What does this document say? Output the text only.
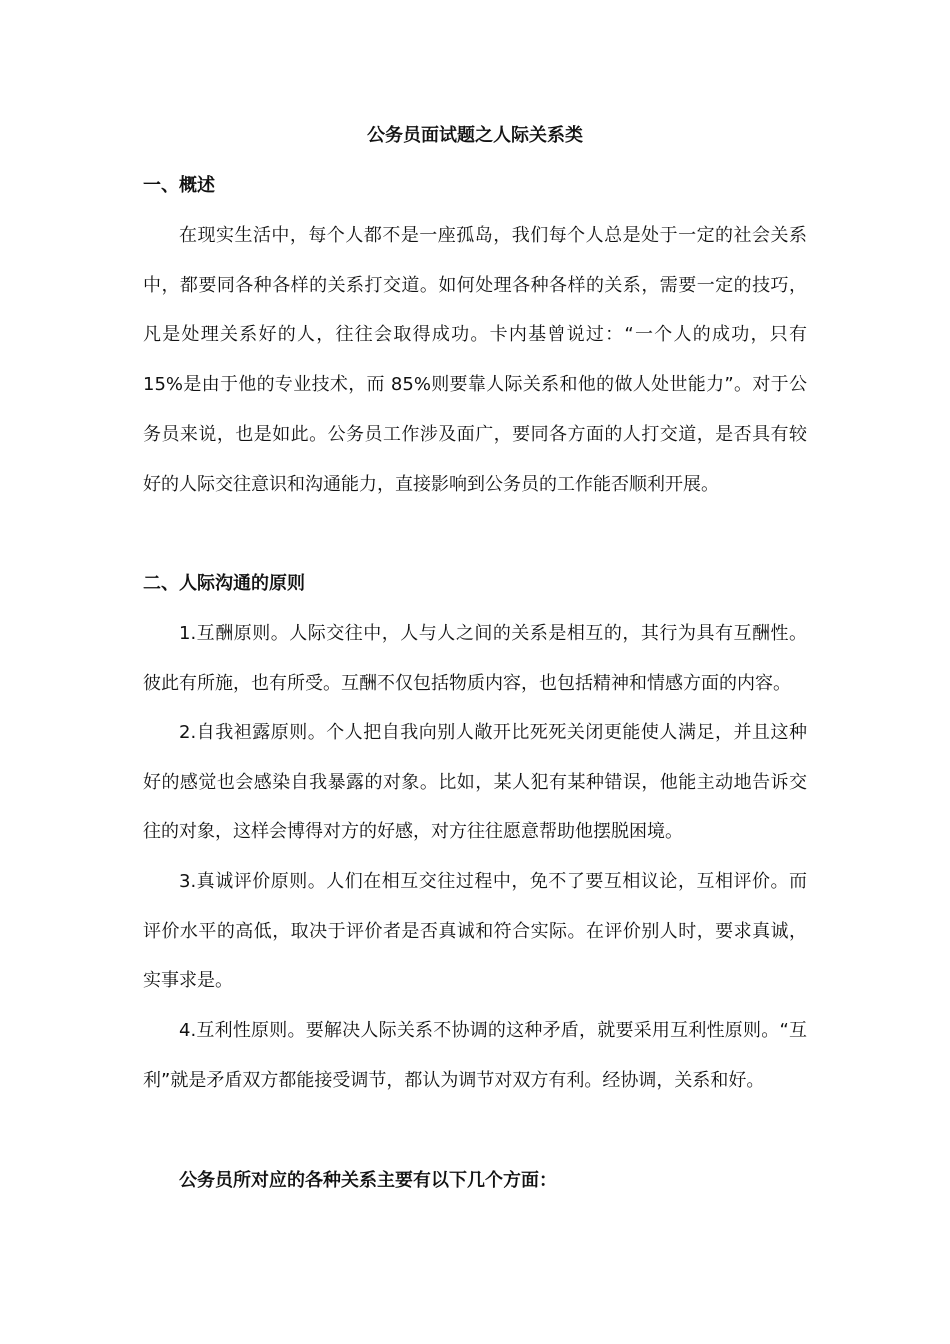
公务员面试题之人际关系类
一、概述

在现实生活中，每个人都不是一座孤岛，我们每个人总是处于一定的社会关系中，都要同各种各样的关系打交道。如何处理各种各样的关系，需要一定的技巧，凡是处理关系好的人，往往会取得成功。卡内基曾说过：“一个人的成功，只有 15%是由于他的专业技术，而 85%则要靠人际关系和他的做人处世能力”。对于公务员来说，也是如此。公务员工作涉及面广，要同各方面的人打交道，是否具有较好的人际交往意识和沟通能力，直接影响到公务员的工作能否顺利开展。

二、人际沟通的原则

1.互酬原则。人际交往中，人与人之间的关系是相互的，其行为具有互酬性。彼此有所施，也有所受。互酬不仅包括物质内容，也包括精神和情感方面的内容。

2.自我袒露原则。个人把自我向别人敞开比死死关闭更能使人满足，并且这种好的感觉也会感染自我暴露的对象。比如，某人犯有某种错误，他能主动地告诉交往的对象，这样会博得对方的好感，对方往往愿意帮助他摆脱困境。

3.真诚评价原则。人们在相互交往过程中，免不了要互相议论，互相评价。而评价水平的高低，取决于评价者是否真诚和符合实际。在评价别人时，要求真诚，实事求是。

4.互利性原则。要解决人际关系不协调的这种矛盾，就要采用互利性原则。“互利”就是矛盾双方都能接受调节，都认为调节对双方有利。经协调，关系和好。

公务员所对应的各种关系主要有以下几个方面：
